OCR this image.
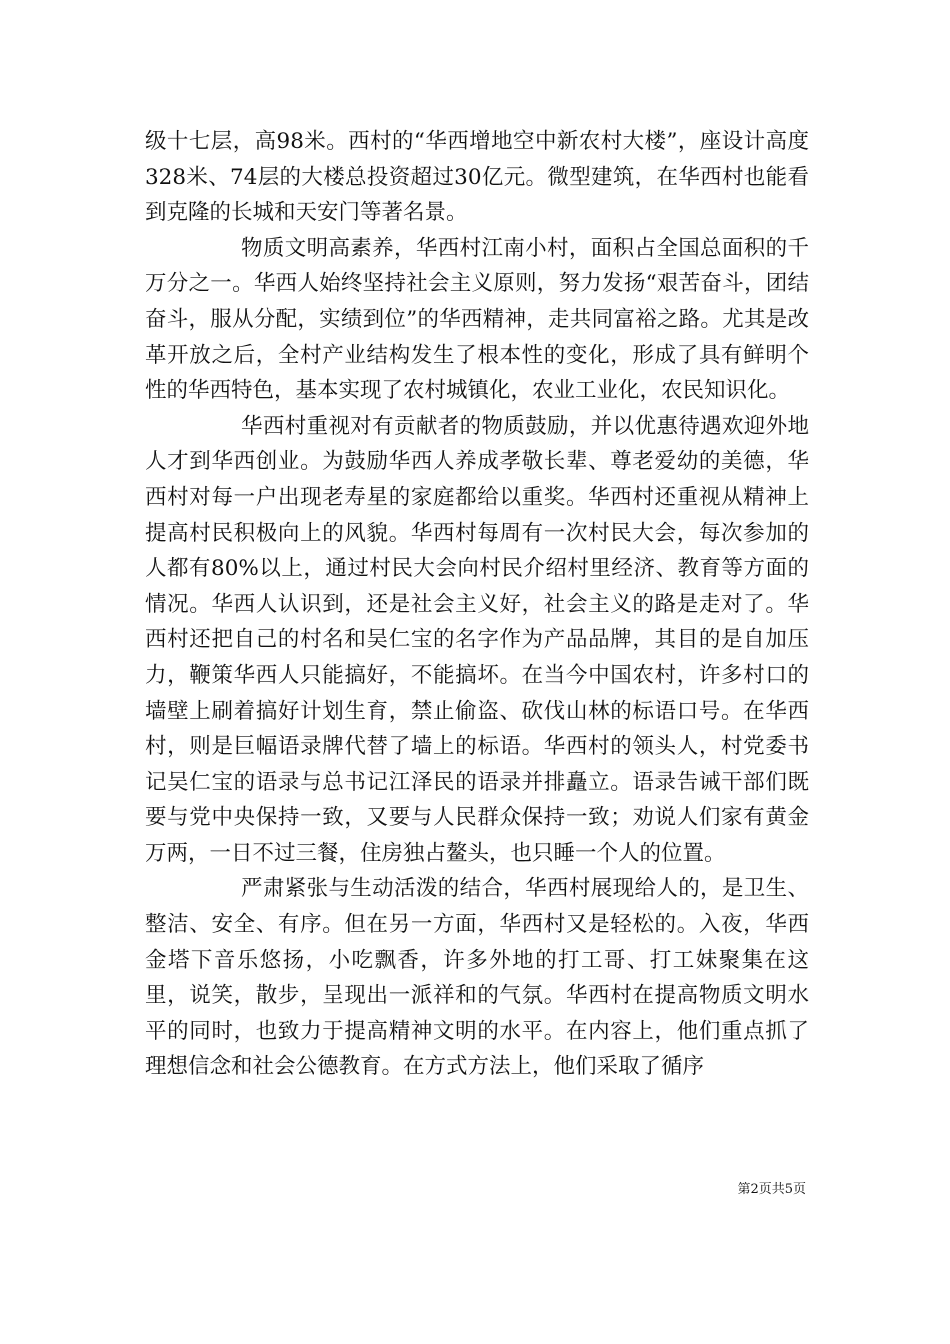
级十七层，高98米。西村的“华西增地空中新农村大楼”，座设计高度328米、74层的大楼总投资超过30亿元。微型建筑，在华西村也能看到克隆的长城和天安门等著名景。

物质文明高素养，华西村江南小村，面积占全国总面积的千万分之一。华西人始终坚持社会主义原则，努力发扬“艰苦奋斗，团结奋斗，服从分配，实绩到位”的华西精神，走共同富裕之路。尤其是改革开放之后，全村产业结构发生了根本性的变化，形成了具有鲜明个性的华西特色，基本实现了农村城镇化，农业工业化，农民知识化。

华西村重视对有贡献者的物质鼓励，并以优惠待遇欢迎外地人才到华西创业。为鼓励华西人养成孝敬长辈、尊老爱幼的美德，华西村对每一户出现老寿星的家庭都给以重奖。华西村还重视从精神上提高村民积极向上的风貌。华西村每周有一次村民大会，每次参加的人都有80%以上，通过村民大会向村民介绍村里经济、教育等方面的情况。华西人认识到，还是社会主义好，社会主义的路是走对了。华西村还把自己的村名和吴仁宝的名字作为产品品牌，其目的是自加压力，鞭策华西人只能搞好，不能搞坏。在当今中国农村，许多村口的墙壁上刷着搞好计划生育，禁止偷盗、砍伐山林的标语口号。在华西村，则是巨幅语录牌代替了墙上的标语。华西村的领头人，村党委书记吴仁宝的语录与总书记江泽民的语录并排矗立。语录告诫干部们既要与党中央保持一致，又要与人民群众保持一致；劝说人们家有黄金万两，一日不过三餐，住房独占鳌头，也只睡一个人的位置。

严肃紧张与生动活泼的结合，华西村展现给人的，是卫生、整洁、安全、有序。但在另一方面，华西村又是轻松的。入夜，华西金塔下音乐悠扬，小吃飘香，许多外地的打工哥、打工妹聚集在这里，说笑，散步，呈现出一派祥和的气氛。华西村在提高物质文明水平的同时，也致力于提高精神文明的水平。在内容上，他们重点抓了理想信念和社会公德教育。在方式方法上，他们采取了循序

第2页共5页
